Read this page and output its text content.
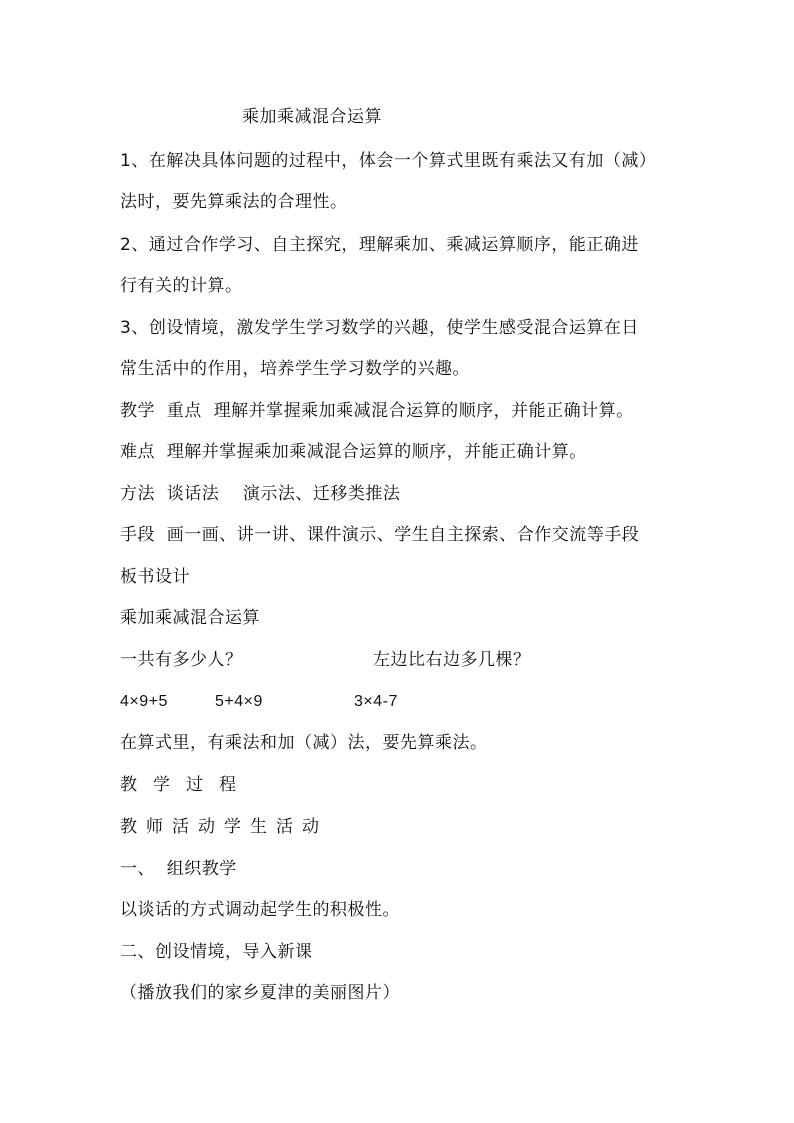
乘加乘减混合运算
1、在解决具体问题的过程中，体会一个算式里既有乘法又有加（减）
法时，要先算乘法的合理性。
2、通过合作学习、自主探究，理解乘加、乘减运算顺序，能正确进
行有关的计算。
3、创设情境，激发学生学习数学的兴趣，使学生感受混合运算在日
常生活中的作用，培养学生学习数学的兴趣。
教学  重点  理解并掌握乘加乘减混合运算的顺序，并能正确计算。
难点  理解并掌握乘加乘减混合运算的顺序，并能正确计算。
方法  谈话法    演示法、迁移类推法
手段  画一画、讲一讲、课件演示、学生自主探索、合作交流等手段
板书设计
乘加乘减混合运算
一共有多少人？	左边比右边多几棵？
4×9+5	5+4×9	3×4-7
在算式里，有乘法和加（减）法，要先算乘法。
教学过程
教师活动学生活动
一、  组织教学
以谈话的方式调动起学生的积极性。
二、创设情境，导入新课
（播放我们的家乡夏津的美丽图片）
